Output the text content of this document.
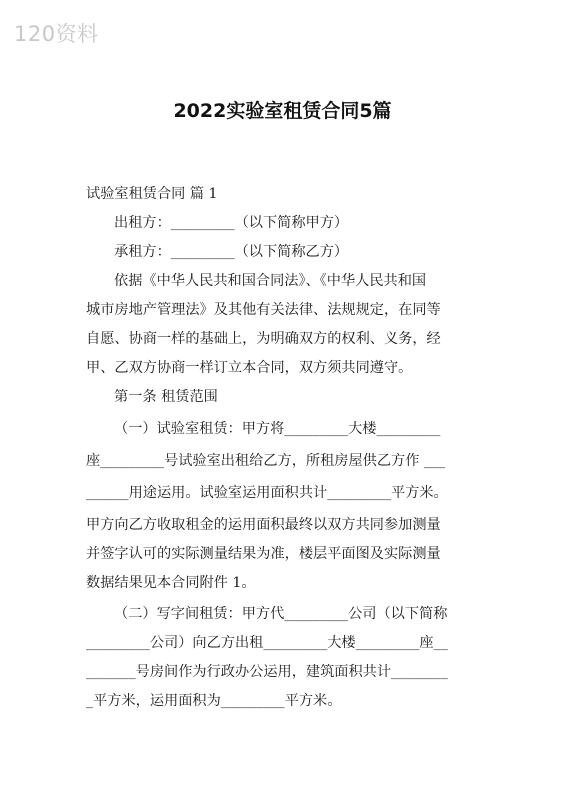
120资料
2022实验室租赁合同5篇
试验室租赁合同 篇 1
出租方：_________（以下简称甲方）
承租方：_________（以下简称乙方）
依据《中华人民共和国合同法》、《中华人民共和国
城市房地产管理法》及其他有关法律、法规规定，在同等
自愿、协商一样的基础上，为明确双方的权利、义务，经
甲、乙双方协商一样订立本合同，双方须共同遵守。
第一条 租赁范围
（一）试验室租赁：甲方将_________大楼_________
座_________号试验室出租给乙方，所租房屋供乙方作 ___
______用途运用。试验室运用面积共计_________平方米。
甲方向乙方收取租金的运用面积最终以双方共同参加测量
并签字认可的实际测量结果为准，楼层平面图及实际测量
数据结果见本合同附件 1。
（二）写字间租赁：甲方代_________公司（以下简称
_________公司）向乙方出租_________大楼_________座__
_______号房间作为行政办公运用，建筑面积共计________
_平方米，运用面积为_________平方米。
